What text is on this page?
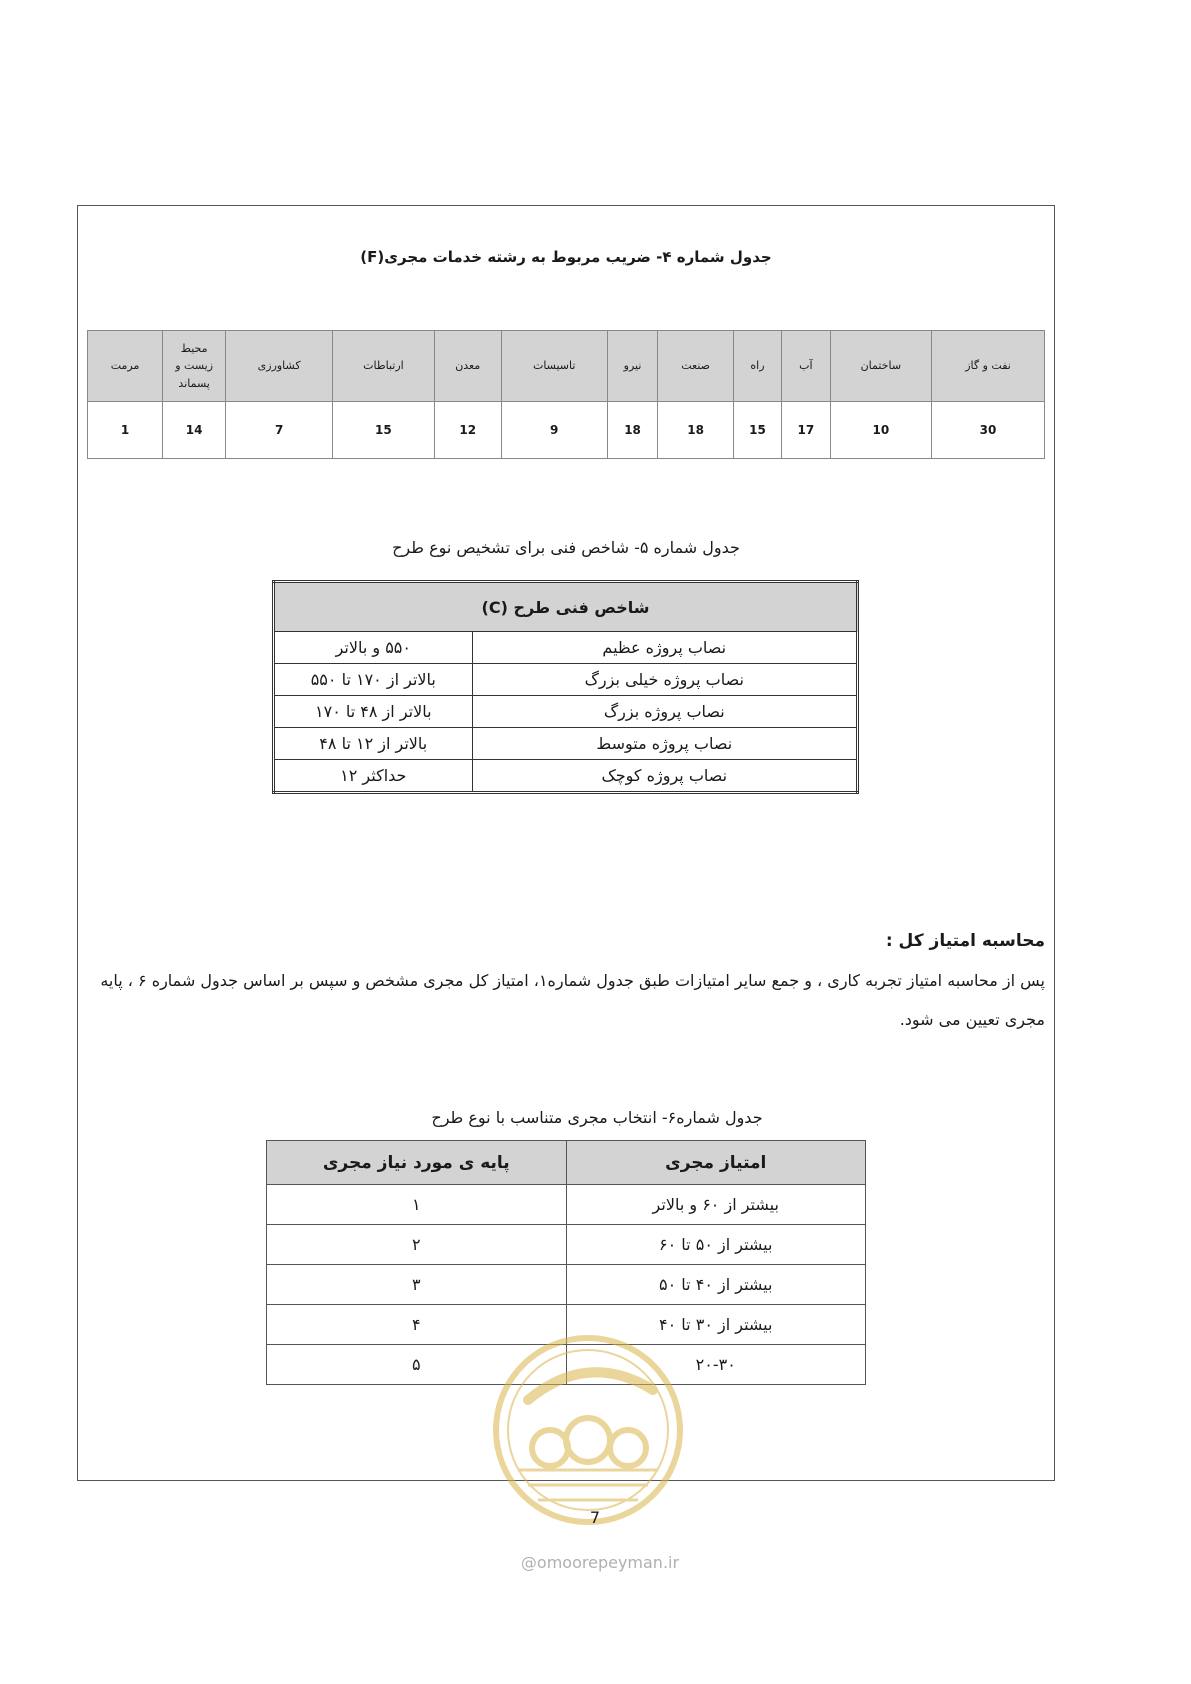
جدول شماره ۴- ضریب مربوط به رشته خدمات مجری(F)
نفت و گاز	ساختمان	آب	راه	صنعت	نیرو	تاسیسات	معدن	ارتباطات	کشاورزی	محیط زیست و پسماند	مرمت
30	10	17	15	18	18	9	12	15	7	14	1
جدول شماره ۵- شاخص فنی برای تشخیص نوع طرح
شاخص فنی طرح (C)	
نصاب پروژه عظیم	۵۵۰ و بالاتر
نصاب پروژه خیلی بزرگ	بالاتر از ۱۷۰ تا ۵۵۰
نصاب پروژه بزرگ	بالاتر از ۴۸ تا ۱۷۰
نصاب پروژه متوسط	بالاتر از ۱۲ تا ۴۸
نصاب پروژه کوچک	حداکثر ۱۲
محاسبه امتیاز کل :
پس از محاسبه امتیاز تجربه کاری ، و جمع سایر امتیازات طبق جدول شماره۱، امتیاز کل مجری مشخص و سپس بر اساس جدول شماره ۶ ، پایه مجری تعیین می شود.
جدول شماره۶- انتخاب مجری متناسب با نوع طرح
امتیاز مجری	پایه ی مورد نیاز مجری
بیشتر از ۶۰ و بالاتر	۱
بیشتر از ۵۰ تا ۶۰	۲
بیشتر از ۴۰ تا ۵۰	۳
بیشتر از ۳۰ تا ۴۰	۴
۲۰-۳۰	۵
7
@omoorepeyman.ir
